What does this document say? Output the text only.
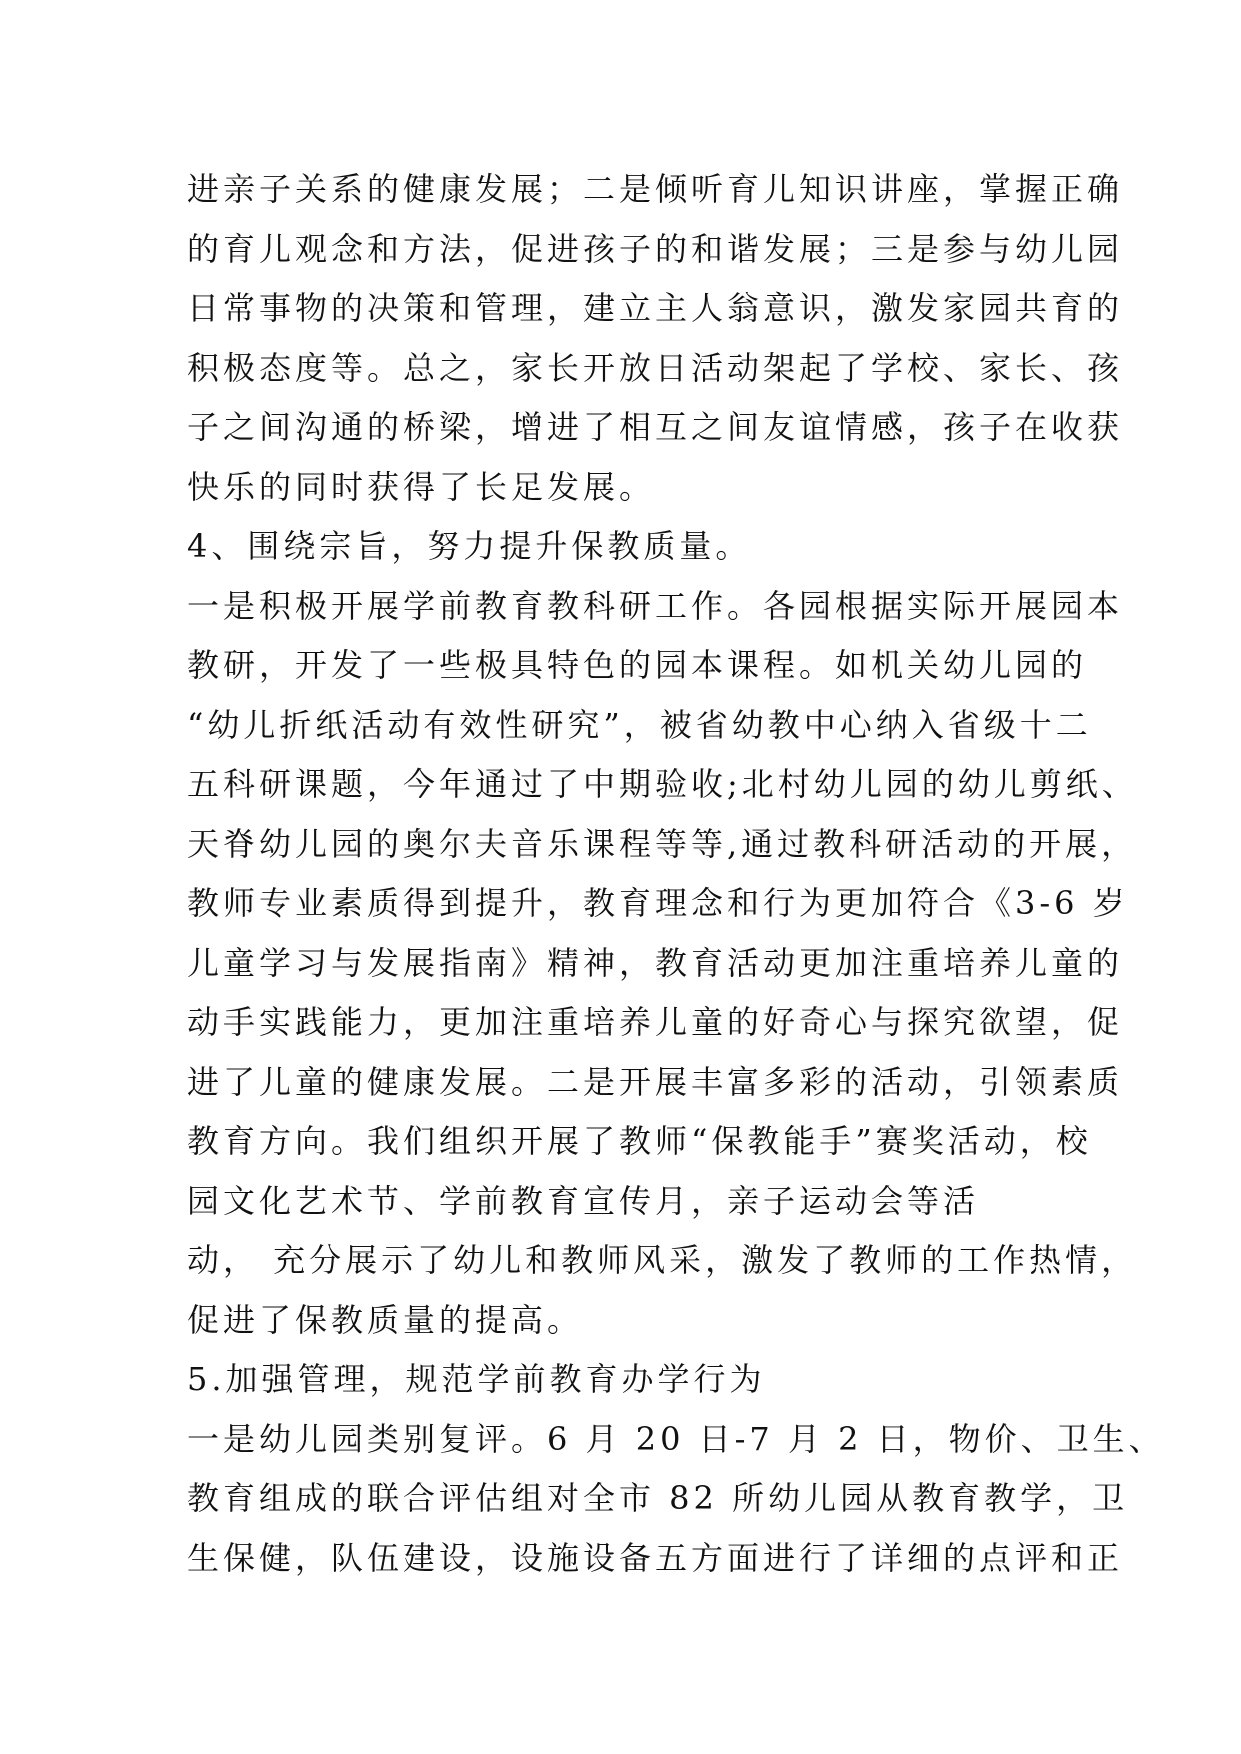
进亲子关系的健康发展；二是倾听育儿知识讲座，掌握正确
的育儿观念和方法，促进孩子的和谐发展；三是参与幼儿园
日常事物的决策和管理，建立主人翁意识，激发家园共育的
积极态度等。总之，家长开放日活动架起了学校、家长、孩
子之间沟通的桥梁，增进了相互之间友谊情感，孩子在收获
快乐的同时获得了长足发展。
4、围绕宗旨，努力提升保教质量。
一是积极开展学前教育教科研工作。各园根据实际开展园本
教研，开发了一些极具特色的园本课程。如机关幼儿园的
“幼儿折纸活动有效性研究”，被省幼教中心纳入省级十二
五科研课题，今年通过了中期验收;北村幼儿园的幼儿剪纸、
天脊幼儿园的奥尔夫音乐课程等等,通过教科研活动的开展，
教师专业素质得到提升，教育理念和行为更加符合《3-6 岁
儿童学习与发展指南》精神，教育活动更加注重培养儿童的
动手实践能力，更加注重培养儿童的好奇心与探究欲望，促
进了儿童的健康发展。二是开展丰富多彩的活动，引领素质
教育方向。我们组织开展了教师“保教能手”赛奖活动，校
园文化艺术节、学前教育宣传月，亲子运动会等活
动， 充分展示了幼儿和教师风采，激发了教师的工作热情，
促进了保教质量的提高。
5.加强管理，规范学前教育办学行为
一是幼儿园类别复评。6 月 20 日-7 月 2 日，物价、卫生、
教育组成的联合评估组对全市 82 所幼儿园从教育教学，卫
生保健，队伍建设，设施设备五方面进行了详细的点评和正
